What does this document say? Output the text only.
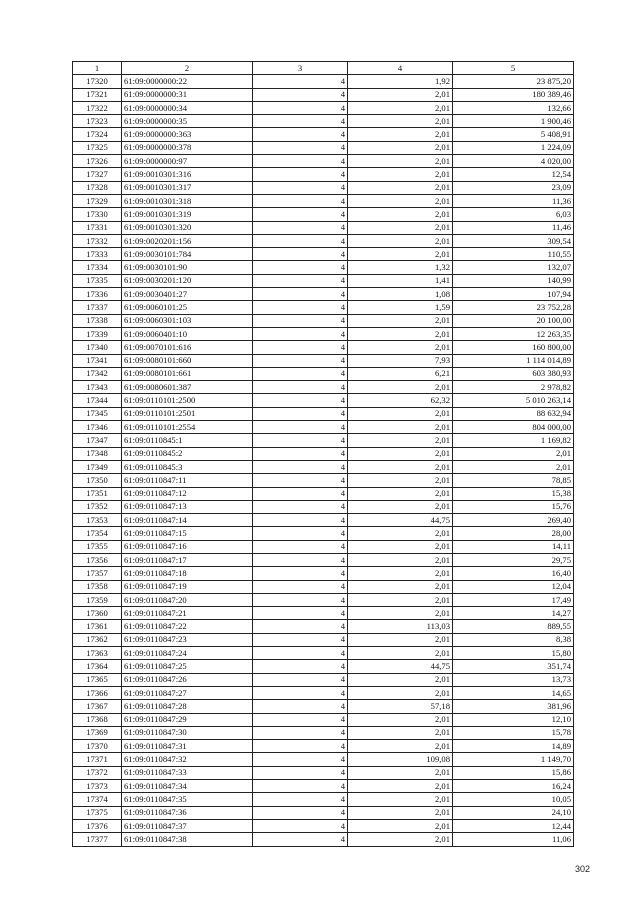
1	2	3	4	5
17320	61:09:0000000:22	4	1,92	23 875,20
17321	61:09:0000000:31	4	2,01	180 389,46
17322	61:09:0000000:34	4	2,01	132,66
17323	61:09:0000000:35	4	2,01	1 900,46
17324	61:09:0000000:363	4	2,01	5 408,91
17325	61:09:0000000:378	4	2,01	1 224,09
17326	61:09:0000000:97	4	2,01	4 020,00
17327	61:09:0010301:316	4	2,01	12,54
17328	61:09:0010301:317	4	2,01	23,09
17329	61:09:0010301:318	4	2,01	11,36
17330	61:09:0010301:319	4	2,01	6,03
17331	61:09:0010301:320	4	2,01	11,46
17332	61:09:0020201:156	4	2,01	309,54
17333	61:09:0030101:784	4	2,01	110,55
17334	61:09:0030101:90	4	1,32	132,07
17335	61:09:0030201:120	4	1,41	140,99
17336	61:09:0030401:27	4	1,08	107,94
17337	61:09:0060101:25	4	1,59	23 752,28
17338	61:09:0060301:103	4	2,01	20 100,00
17339	61:09:0060401:10	4	2,01	12 263,35
17340	61:09:0070101:616	4	2,01	160 800,00
17341	61:09:0080101:660	4	7,93	1 114 014,89
17342	61:09:0080101:661	4	6,21	603 380,93
17343	61:09:0080601:387	4	2,01	2 978,82
17344	61:09:0110101:2500	4	62,32	5 010 263,14
17345	61:09:0110101:2501	4	2,01	88 632,94
17346	61:09:0110101:2554	4	2,01	804 000,00
17347	61:09:0110845:1	4	2,01	1 169,82
17348	61:09:0110845:2	4	2,01	2,01
17349	61:09:0110845:3	4	2,01	2,01
17350	61:09:0110847:11	4	2,01	78,85
17351	61:09:0110847:12	4	2,01	15,38
17352	61:09:0110847:13	4	2,01	15,76
17353	61:09:0110847:14	4	44,75	269,40
17354	61:09:0110847:15	4	2,01	28,00
17355	61:09:0110847:16	4	2,01	14,11
17356	61:09:0110847:17	4	2,01	29,75
17357	61:09:0110847:18	4	2,01	16,40
17358	61:09:0110847:19	4	2,01	12,04
17359	61:09:0110847:20	4	2,01	17,49
17360	61:09:0110847:21	4	2,01	14,27
17361	61:09:0110847:22	4	113,03	889,55
17362	61:09:0110847:23	4	2,01	8,38
17363	61:09:0110847:24	4	2,01	15,80
17364	61:09:0110847:25	4	44,75	351,74
17365	61:09:0110847:26	4	2,01	13,73
17366	61:09:0110847:27	4	2,01	14,65
17367	61:09:0110847:28	4	57,18	381,96
17368	61:09:0110847:29	4	2,01	12,10
17369	61:09:0110847:30	4	2,01	15,78
17370	61:09:0110847:31	4	2,01	14,89
17371	61:09:0110847:32	4	109,08	1 149,70
17372	61:09:0110847:33	4	2,01	15,86
17373	61:09:0110847:34	4	2,01	16,24
17374	61:09:0110847:35	4	2,01	10,05
17375	61:09:0110847:36	4	2,01	24,10
17376	61:09:0110847:37	4	2,01	12,44
17377	61:09:0110847:38	4	2,01	11,06
302
